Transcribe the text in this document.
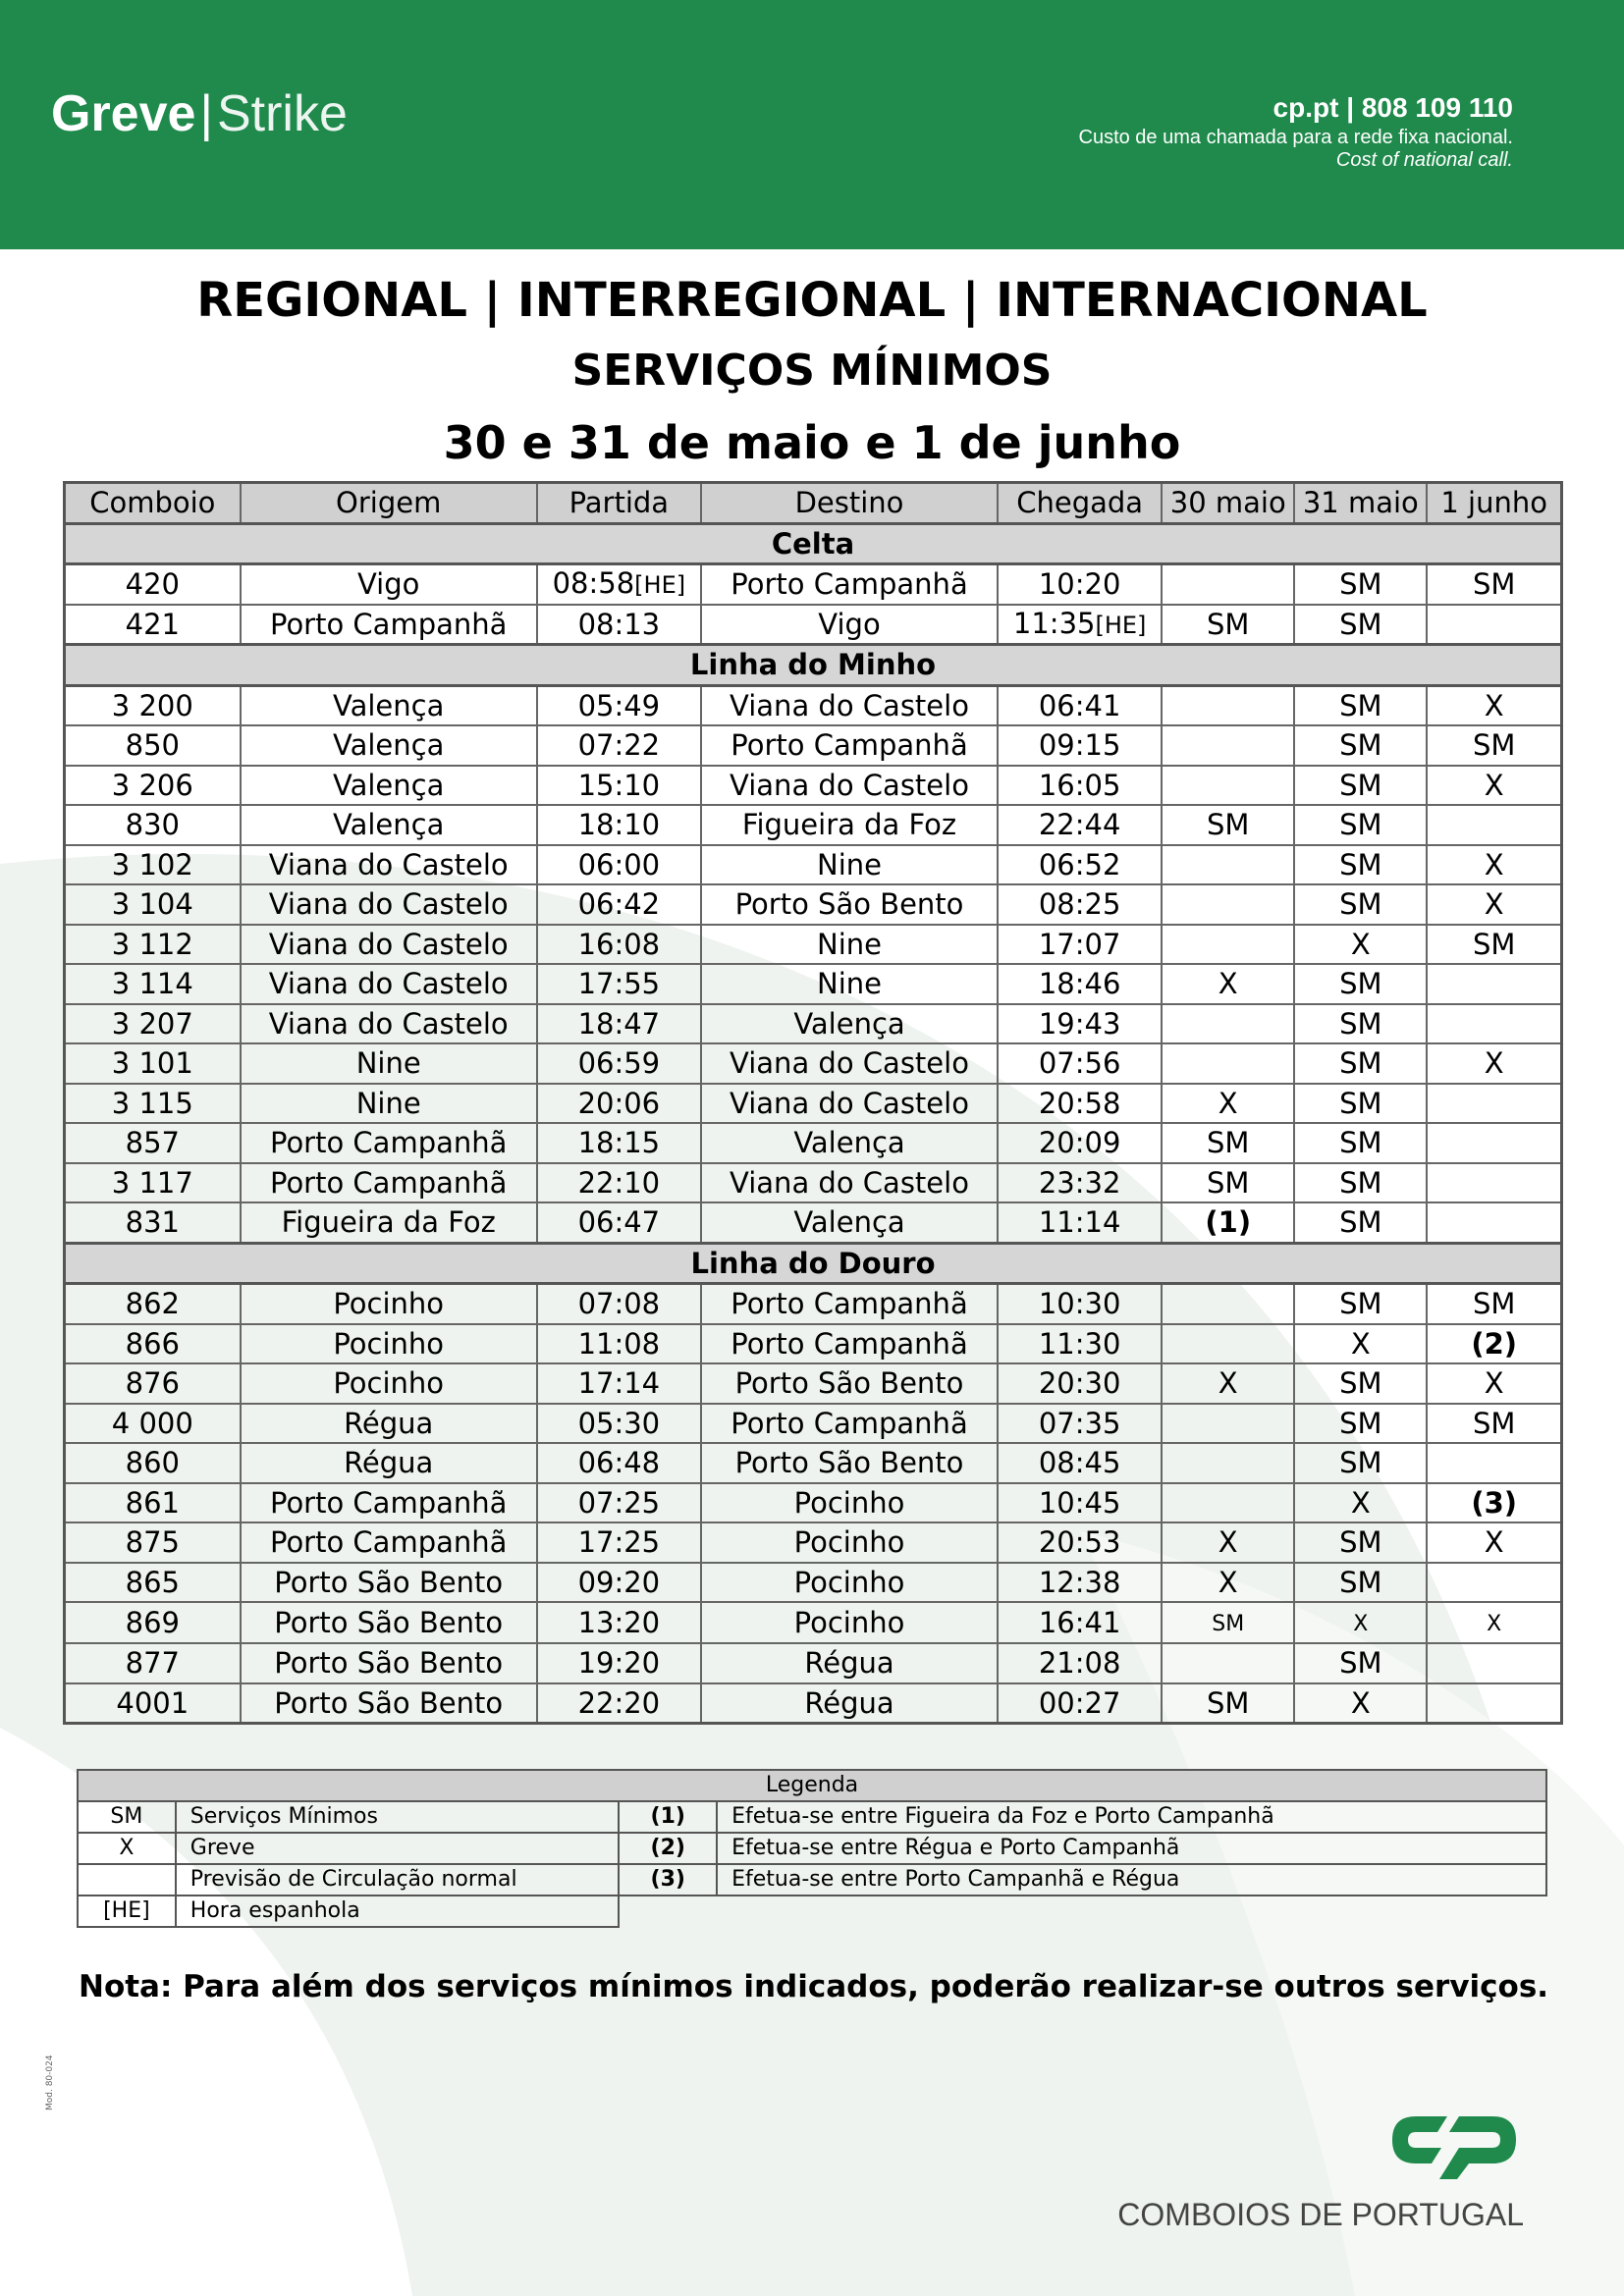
Greve|Strike	cp.pt | 808 109 110
Custo de uma chamada para a rede fixa nacional.
Cost of national call.
REGIONAL | INTERREGIONAL | INTERNACIONAL
SERVIÇOS MÍNIMOS
30 e 31 de maio e 1 de junho
Comboio	Origem	Partida	Destino	Chegada	30 maio	31 maio	1 junho
Celta							
420	Vigo	08:58[HE]	Porto Campanhã	10:20		SM	SM
421	Porto Campanhã	08:13	Vigo	11:35[HE]	SM	SM	
Linha do Minho							
3 200	Valença	05:49	Viana do Castelo	06:41		SM	X
850	Valença	07:22	Porto Campanhã	09:15		SM	SM
3 206	Valença	15:10	Viana do Castelo	16:05		SM	X
830	Valença	18:10	Figueira da Foz	22:44	SM	SM	
3 102	Viana do Castelo	06:00	Nine	06:52		SM	X
3 104	Viana do Castelo	06:42	Porto São Bento	08:25		SM	X
3 112	Viana do Castelo	16:08	Nine	17:07		X	SM
3 114	Viana do Castelo	17:55	Nine	18:46	X	SM	
3 207	Viana do Castelo	18:47	Valença	19:43		SM	
3 101	Nine	06:59	Viana do Castelo	07:56		SM	X
3 115	Nine	20:06	Viana do Castelo	20:58	X	SM	
857	Porto Campanhã	18:15	Valença	20:09	SM	SM	
3 117	Porto Campanhã	22:10	Viana do Castelo	23:32	SM	SM	
831	Figueira da Foz	06:47	Valença	11:14	(1)	SM	
Linha do Douro							
862	Pocinho	07:08	Porto Campanhã	10:30		SM	SM
866	Pocinho	11:08	Porto Campanhã	11:30		X	(2)
876	Pocinho	17:14	Porto São Bento	20:30	X	SM	X
4 000	Régua	05:30	Porto Campanhã	07:35		SM	SM
860	Régua	06:48	Porto São Bento	08:45		SM	
861	Porto Campanhã	07:25	Pocinho	10:45		X	(3)
875	Porto Campanhã	17:25	Pocinho	20:53	X	SM	X
865	Porto São Bento	09:20	Pocinho	12:38	X	SM	
869	Porto São Bento	13:20	Pocinho	16:41	SM	X	X
877	Porto São Bento	19:20	Régua	21:08		SM	
4001	Porto São Bento	22:20	Régua	00:27	SM	X	
Legenda			
SM	Serviços Mínimos	(1)	Efetua-se entre Figueira da Foz e Porto Campanhã
X	Greve	(2)	Efetua-se entre Régua e Porto Campanhã
	Previsão de Circulação normal	(3)	Efetua-se entre Porto Campanhã e Régua
[HE]	Hora espanhola		
Nota: Para além dos serviços mínimos indicados, poderão realizar-se outros serviços.
Mod. 80-024
COMBOIOS DE PORTUGAL
